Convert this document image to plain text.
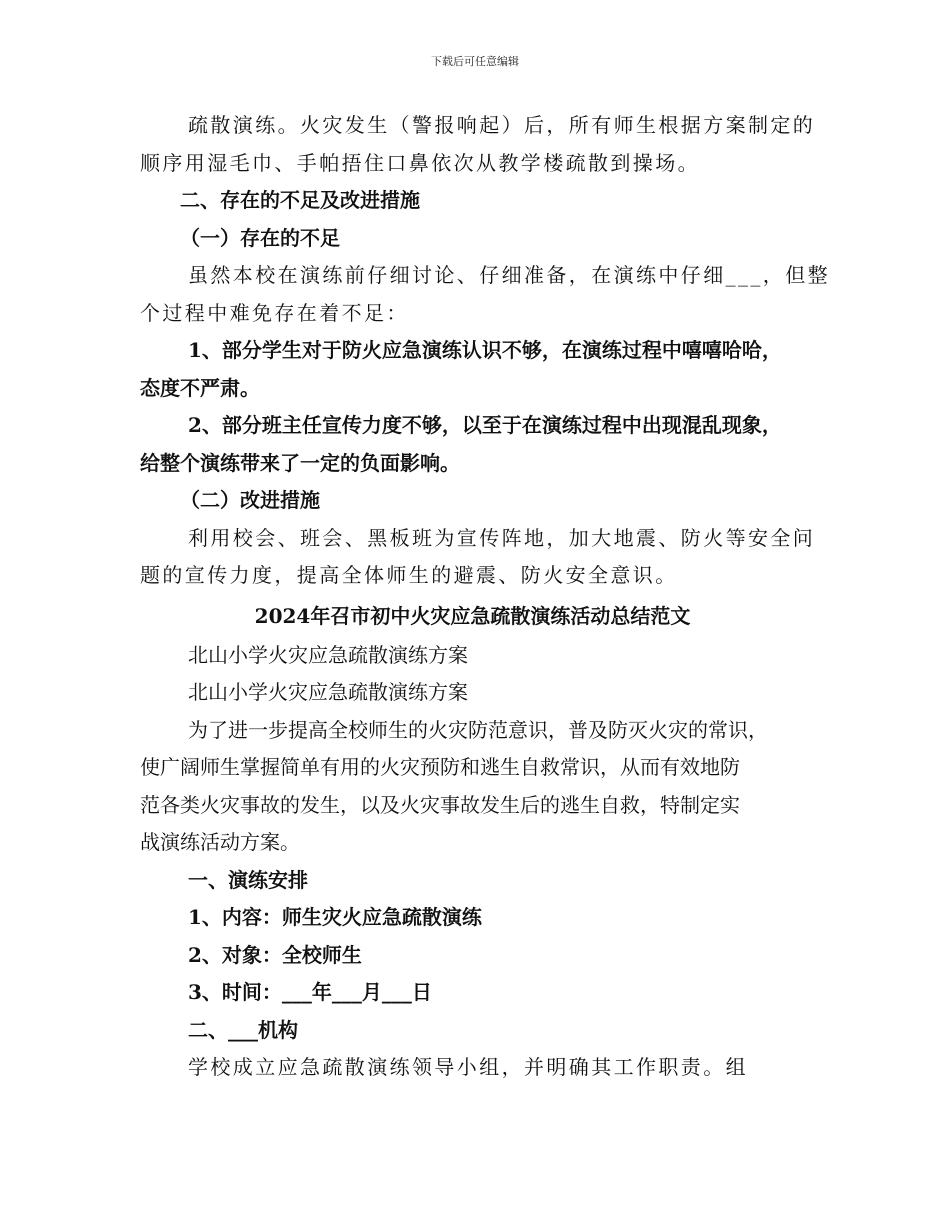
下载后可任意编辑
疏散演练。火灾发生（警报响起）后，所有师生根据方案制定的
顺序用湿毛巾、手帕捂住口鼻依次从教学楼疏散到操场。
二、存在的不足及改进措施
（一）存在的不足
虽然本校在演练前仔细讨论、仔细准备，在演练中仔细___，但整
个过程中难免存在着不足：
1、部分学生对于防火应急演练认识不够，在演练过程中嘻嘻哈哈，
态度不严肃。
2、部分班主任宣传力度不够，以至于在演练过程中出现混乱现象，
给整个演练带来了一定的负面影响。
（二）改进措施
利用校会、班会、黑板班为宣传阵地，加大地震、防火等安全问
题的宣传力度，提高全体师生的避震、防火安全意识。
2024年召市初中火灾应急疏散演练活动总结范文
北山小学火灾应急疏散演练方案
北山小学火灾应急疏散演练方案
为了进一步提高全校师生的火灾防范意识，普及防灭火灾的常识，
使广阔师生掌握简单有用的火灾预防和逃生自救常识，从而有效地防
范各类火灾事故的发生，以及火灾事故发生后的逃生自救，特制定实
战演练活动方案。
一、演练安排
1、内容：师生灾火应急疏散演练
2、对象：全校师生
3、时间：___年___月___日
二、___机构
学校成立应急疏散演练领导小组，并明确其工作职责。组
